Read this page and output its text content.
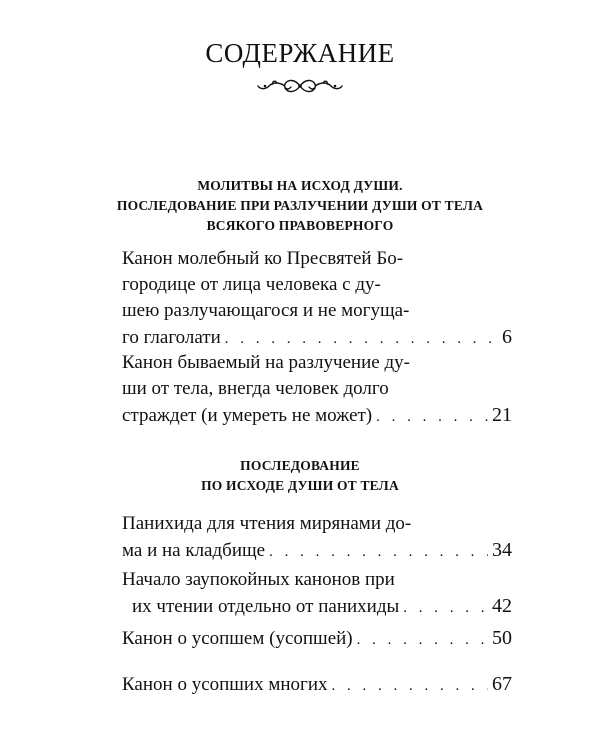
СОДЕРЖАНИЕ
МОЛИТВЫ НА ИСХОД ДУШИ.
ПОСЛЕДОВАНИЕ ПРИ РАЗЛУЧЕНИИ ДУШИ ОТ ТЕЛА
ВСЯКОГО ПРАВОВЕРНОГО
Канон молебный ко Пресвятей Бо-
городице от лица человека с ду-
шею разлучающагося и не могуща-
го глаголати . . .	6
Канон бываемый на разлучение ду-
ши от тела, внегда человек долго
страждет (и умереть не может) . . .	21
ПОСЛЕДОВАНИЕ
ПО ИСХОДЕ ДУШИ ОТ ТЕЛА
Панихида для чтения мирянами до-
ма и на кладбище . . .	34
Начало заупокойных канонов при
их чтении отдельно от панихиды . . .	42
Канон о усопшем (усопшей) . . .	50
Канон о усопших многих . . .	67
